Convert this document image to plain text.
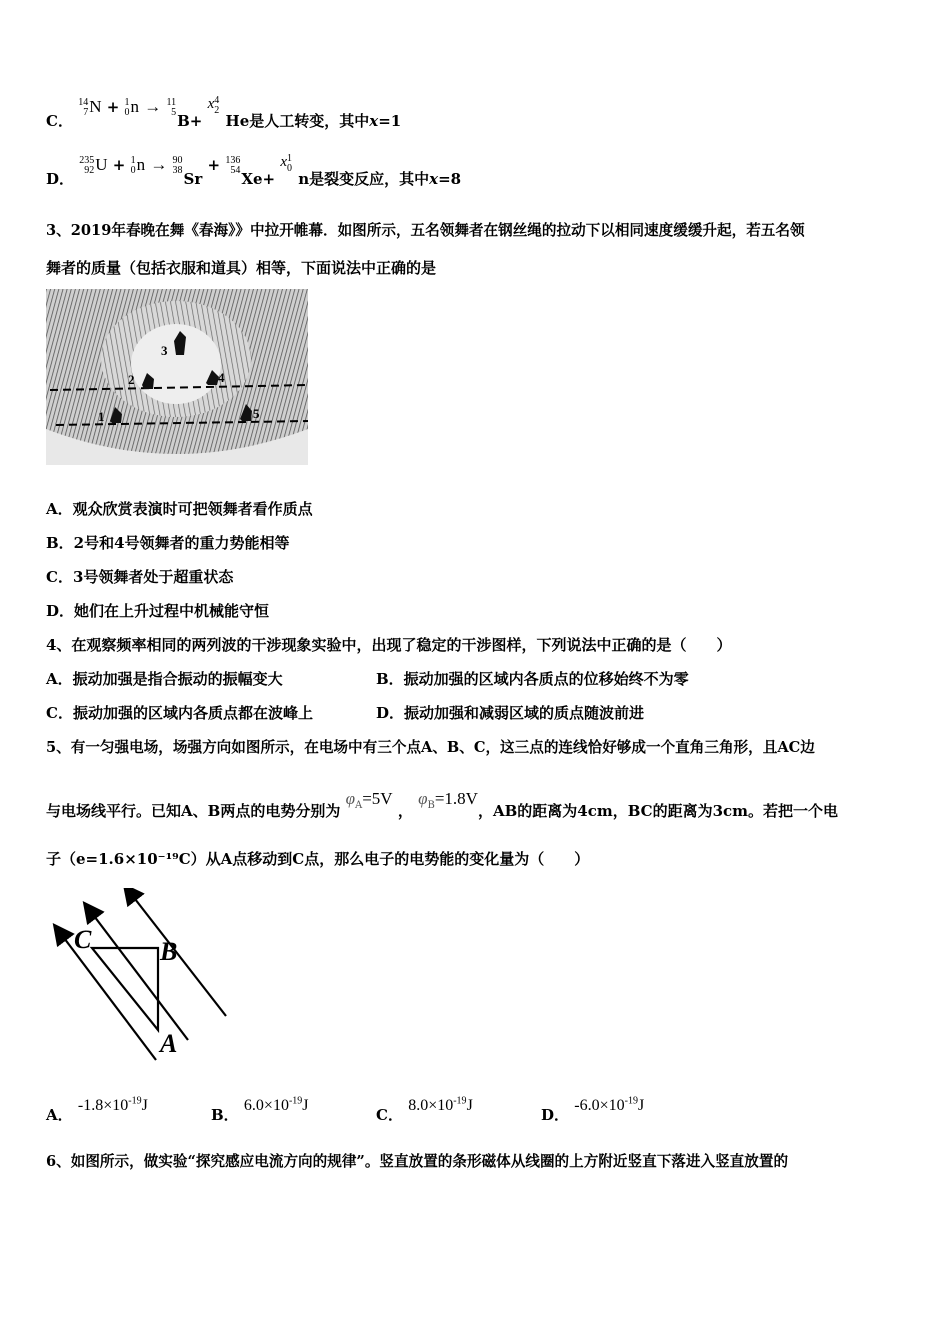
C．
14
7 N + 1
0 n → 11
5 B+ x 4
2
He是人工转变，其中x=1
D．
235
92 U + 1
0 n → 90
38 Sr + 136
54 Xe+ x 1
0
n是裂变反应，其中x=8
3、2019年春晚在舞《春海》》中拉开帷幕．如图所示，五名领舞者在钢丝绳的拉动下以相同速度缓缓升起，若五名领
舞者的质量（包括衣服和道具）相等，下面说法中正确的是
1
2
3
4
5
A．观众欣赏表演时可把领舞者看作质点
B．2号和4号领舞者的重力势能相等
C．3号领舞者处于超重状态
D．她们在上升过程中机械能守恒
4、在观察频率相同的两列波的干涉现象实验中，出现了稳定的干涉图样，下列说法中正确的是（　　）
A．振动加强是指合振动的振幅变大	B．振动加强的区域内各质点的位移始终不为零
C．振动加强的区域内各质点都在波峰上	D．振动加强和减弱区域的质点随波前进
5、有一匀强电场，场强方向如图所示，在电场中有三个点A、B、C，这三点的连线恰好够成一个直角三角形，且AC边
与电场线平行。已知A、B两点的电势分别为 $\varphi_A=5V$ ， $\varphi_B=1.8V$，AB的距离为4cm，BC的距离为3cm。若把一个电
子（e=1.6×10⁻¹⁹C）从A点移动到C点，那么电子的电势能的变化量为（　　）
C	B
A
A． $-1.8\times 10^{-19}J$
B． $6.0\times 10^{-19}J$
C． $8.0\times 10^{-19}J$
D． $-6.0\times 10^{-19}J$
6、如图所示，做实验“探究感应电流方向的规律”。竖直放置的条形磁体从线圈的上方附近竖直下落进入竖直放置的
